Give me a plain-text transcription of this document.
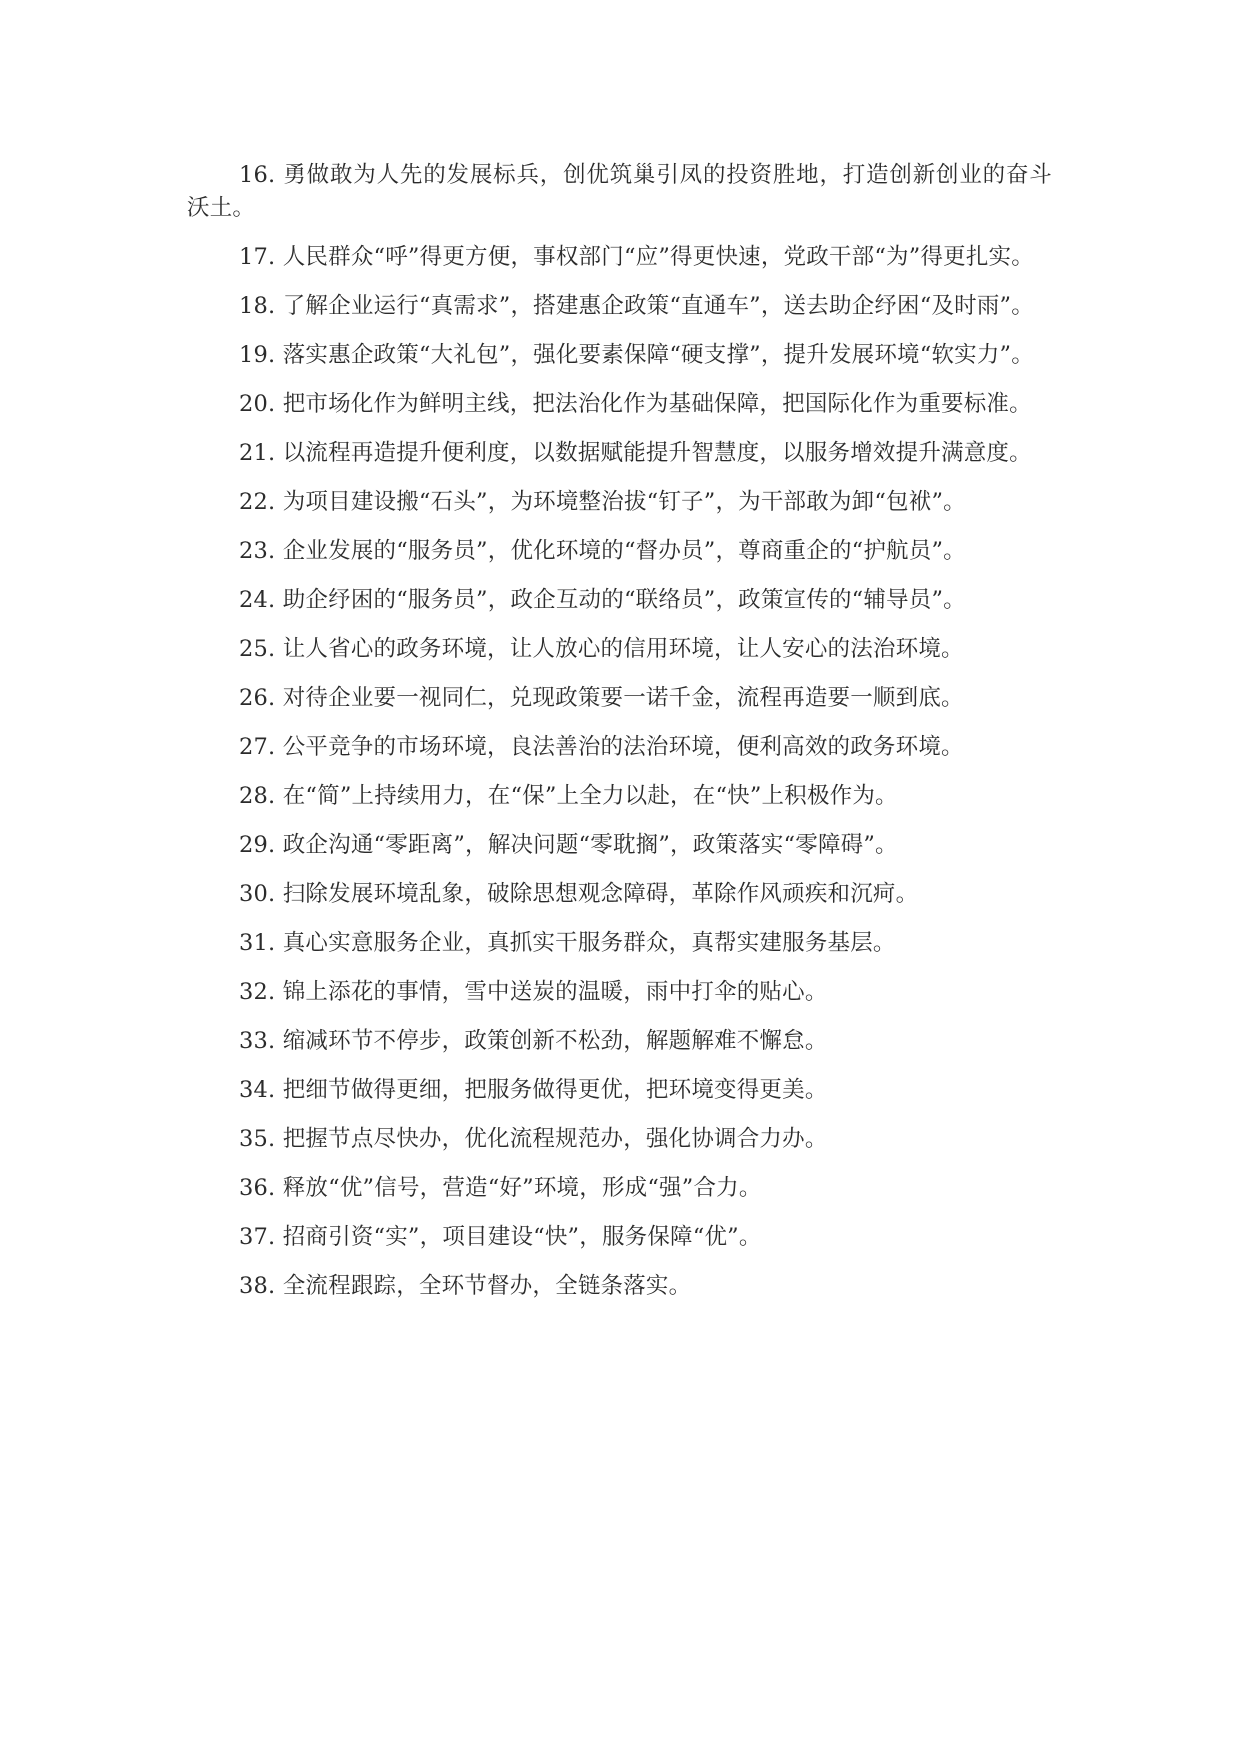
16. 勇做敢为人先的发展标兵，创优筑巢引凤的投资胜地，打造创新创业的奋斗沃土。

17. 人民群众“呼”得更方便，事权部门“应”得更快速，党政干部“为”得更扎实。

18. 了解企业运行“真需求”，搭建惠企政策“直通车”，送去助企纾困“及时雨”。

19. 落实惠企政策“大礼包”，强化要素保障“硬支撑”，提升发展环境“软实力”。

20. 把市场化作为鲜明主线，把法治化作为基础保障，把国际化作为重要标准。

21. 以流程再造提升便利度，以数据赋能提升智慧度，以服务增效提升满意度。

22. 为项目建设搬“石头”，为环境整治拔“钉子”，为干部敢为卸“包袱”。

23. 企业发展的“服务员”，优化环境的“督办员”，尊商重企的“护航员”。

24. 助企纾困的“服务员”，政企互动的“联络员”，政策宣传的“辅导员”。

25. 让人省心的政务环境，让人放心的信用环境，让人安心的法治环境。

26. 对待企业要一视同仁，兑现政策要一诺千金，流程再造要一顺到底。

27. 公平竞争的市场环境，良法善治的法治环境，便利高效的政务环境。

28. 在“简”上持续用力，在“保”上全力以赴，在“快”上积极作为。

29. 政企沟通“零距离”，解决问题“零耽搁”，政策落实“零障碍”。

30. 扫除发展环境乱象，破除思想观念障碍，革除作风顽疾和沉疴。

31. 真心实意服务企业，真抓实干服务群众，真帮实建服务基层。

32. 锦上添花的事情，雪中送炭的温暖，雨中打伞的贴心。

33. 缩减环节不停步，政策创新不松劲，解题解难不懈怠。

34. 把细节做得更细，把服务做得更优，把环境变得更美。

35. 把握节点尽快办，优化流程规范办，强化协调合力办。

36. 释放“优”信号，营造“好”环境，形成“强”合力。

37. 招商引资“实”，项目建设“快”，服务保障“优”。

38. 全流程跟踪，全环节督办，全链条落实。
